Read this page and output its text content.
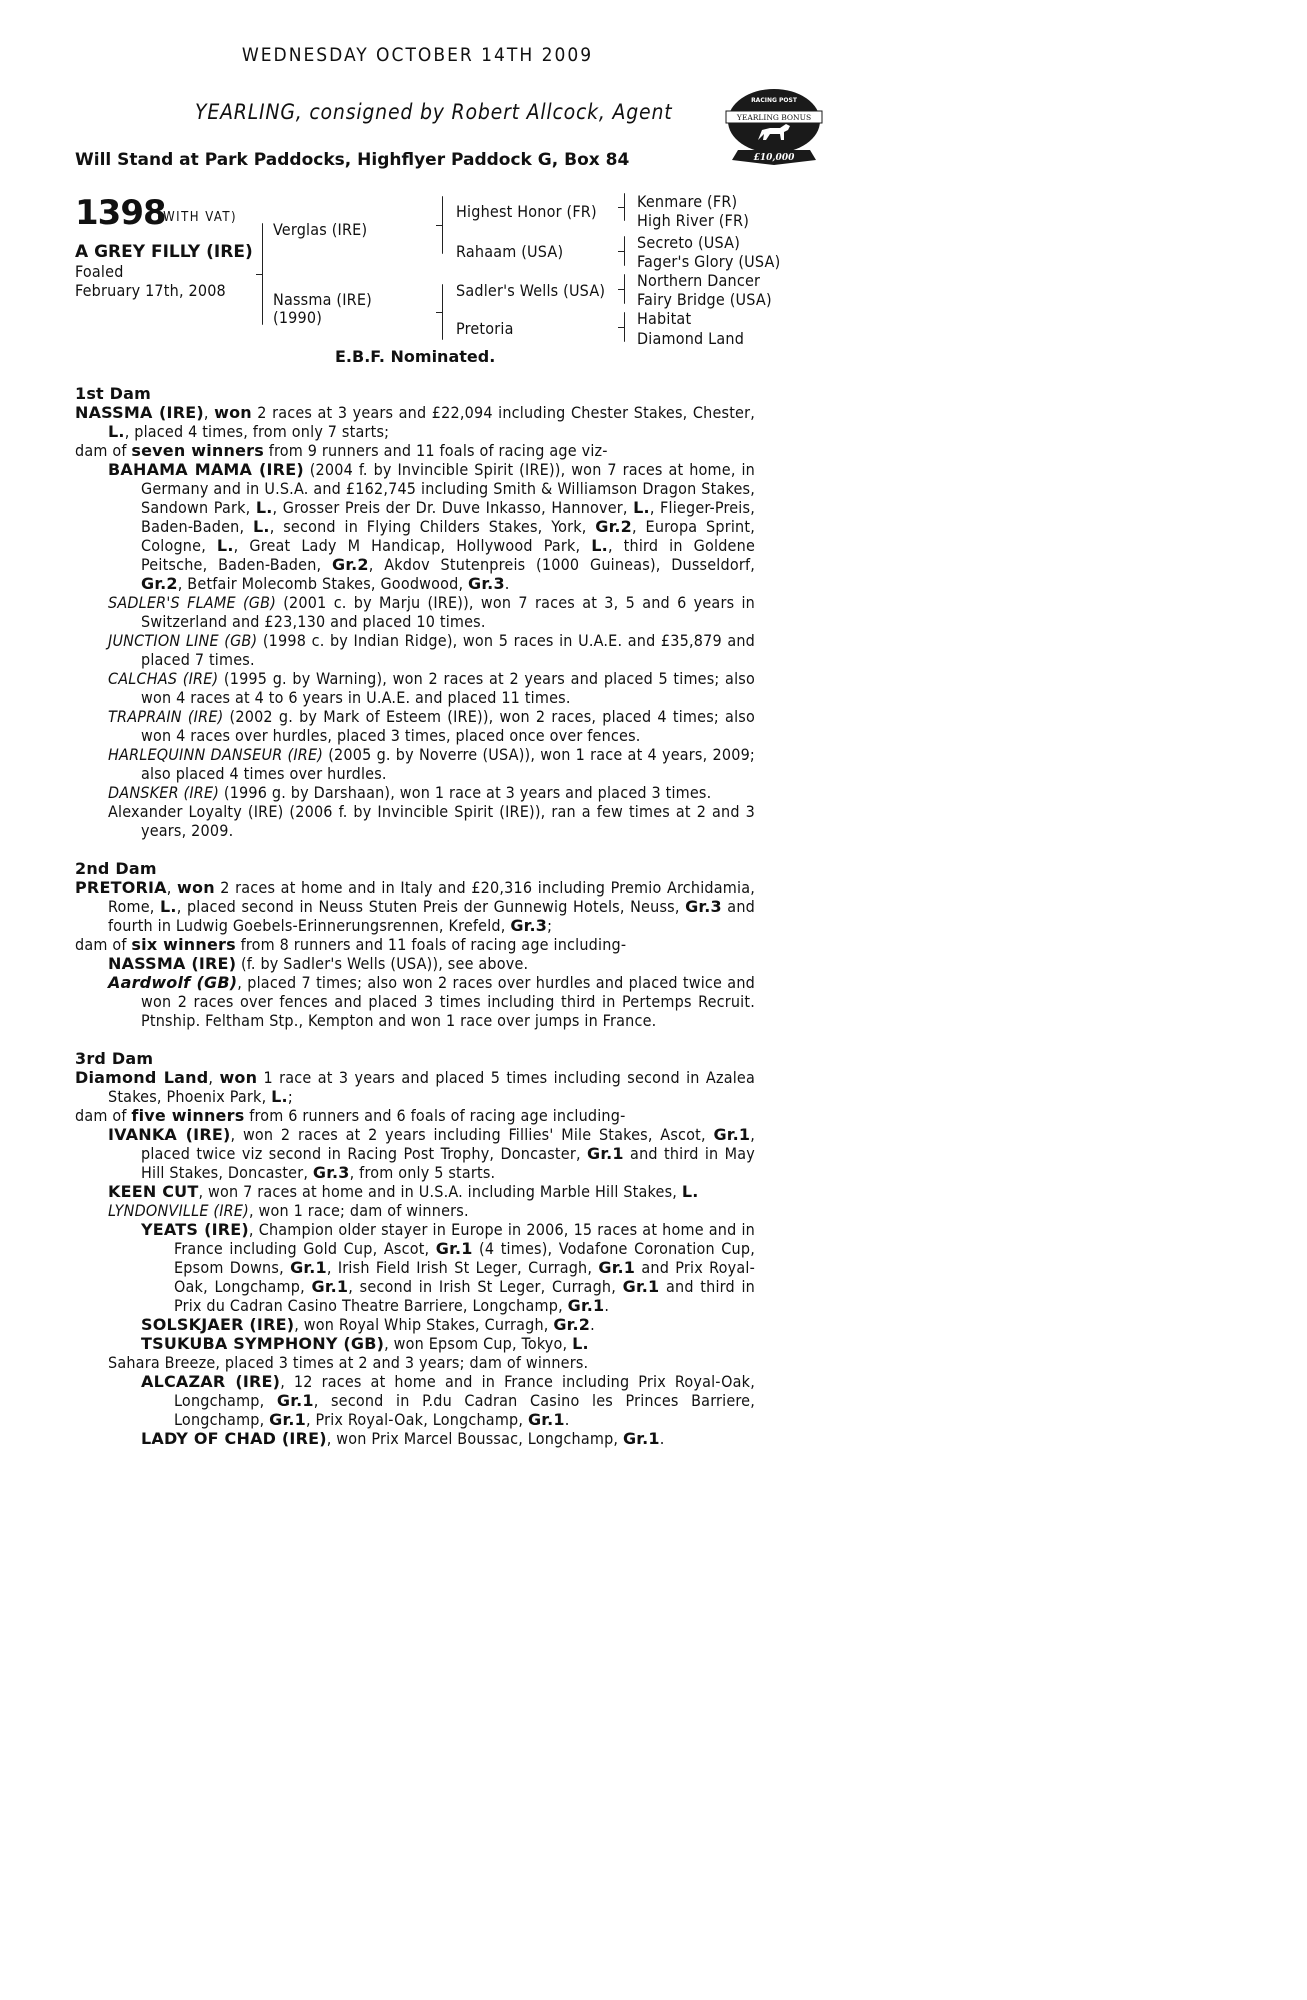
WEDNESDAY OCTOBER 14TH 2009
YEARLING, consigned by Robert Allcock, Agent
Will Stand at Park Paddocks, Highflyer Paddock G, Box 84
RACING POST
YEARLING BONUS
£10,000
1398
(WITH VAT)
A GREY FILLY (IRE)
Foaled
February 17th, 2008
Verglas (IRE)
Nassma (IRE)
(1990)
Highest Honor (FR)
Rahaam (USA)
Sadler's Wells (USA)
Pretoria
Kenmare (FR)
High River (FR)
Secreto (USA)
Fager's Glory (USA)
Northern Dancer
Fairy Bridge (USA)
Habitat
Diamond Land
E.B.F. Nominated.

1st Dam

NASSMA (IRE), won 2 races at 3 years and £22,094 including Chester Stakes, Chester, L., placed 4 times, from only 7 starts;

dam of seven winners from 9 runners and 11 foals of racing age viz-

BAHAMA MAMA (IRE) (2004 f. by Invincible Spirit (IRE)), won 7 races at home, in Germany and in U.S.A. and £162,745 including Smith & Williamson Dragon Stakes, Sandown Park, L., Grosser Preis der Dr. Duve Inkasso, Hannover, L., Flieger-Preis, Baden-Baden, L., second in Flying Childers Stakes, York, Gr.2, Europa Sprint, Cologne, L., Great Lady M Handicap, Hollywood Park, L., third in Goldene Peitsche, Baden-Baden, Gr.2, Akdov Stutenpreis (1000 Guineas), Dusseldorf, Gr.2, Betfair Molecomb Stakes, Goodwood, Gr.3.

SADLER'S FLAME (GB) (2001 c. by Marju (IRE)), won 7 races at 3, 5 and 6 years in Switzerland and £23,130 and placed 10 times.

JUNCTION LINE (GB) (1998 c. by Indian Ridge), won 5 races in U.A.E. and £35,879 and placed 7 times.

CALCHAS (IRE) (1995 g. by Warning), won 2 races at 2 years and placed 5 times; also won 4 races at 4 to 6 years in U.A.E. and placed 11 times.

TRAPRAIN (IRE) (2002 g. by Mark of Esteem (IRE)), won 2 races, placed 4 times; also won 4 races over hurdles, placed 3 times, placed once over fences.

HARLEQUINN DANSEUR (IRE) (2005 g. by Noverre (USA)), won 1 race at 4 years, 2009; also placed 4 times over hurdles.

DANSKER (IRE) (1996 g. by Darshaan), won 1 race at 3 years and placed 3 times.

Alexander Loyalty (IRE) (2006 f. by Invincible Spirit (IRE)), ran a few times at 2 and 3 years, 2009.

2nd Dam

PRETORIA, won 2 races at home and in Italy and £20,316 including Premio Archidamia, Rome, L., placed second in Neuss Stuten Preis der Gunnewig Hotels, Neuss, Gr.3 and fourth in Ludwig Goebels-Erinnerungsrennen, Krefeld, Gr.3;

dam of six winners from 8 runners and 11 foals of racing age including-

NASSMA (IRE) (f. by Sadler's Wells (USA)), see above.

Aardwolf (GB), placed 7 times; also won 2 races over hurdles and placed twice and won 2 races over fences and placed 3 times including third in Pertemps Recruit. Ptnship. Feltham Stp., Kempton and won 1 race over jumps in France.

3rd Dam

Diamond Land, won 1 race at 3 years and placed 5 times including second in Azalea Stakes, Phoenix Park, L.;

dam of five winners from 6 runners and 6 foals of racing age including-

IVANKA (IRE), won 2 races at 2 years including Fillies' Mile Stakes, Ascot, Gr.1, placed twice viz second in Racing Post Trophy, Doncaster, Gr.1 and third in May Hill Stakes, Doncaster, Gr.3, from only 5 starts.

KEEN CUT, won 7 races at home and in U.S.A. including Marble Hill Stakes, L.

LYNDONVILLE (IRE), won 1 race; dam of winners.

YEATS (IRE), Champion older stayer in Europe in 2006, 15 races at home and in France including Gold Cup, Ascot, Gr.1 (4 times), Vodafone Coronation Cup, Epsom Downs, Gr.1, Irish Field Irish St Leger, Curragh, Gr.1 and Prix Royal-Oak, Longchamp, Gr.1, second in Irish St Leger, Curragh, Gr.1 and third in Prix du Cadran Casino Theatre Barriere, Longchamp, Gr.1.

SOLSKJAER (IRE), won Royal Whip Stakes, Curragh, Gr.2.

TSUKUBA SYMPHONY (GB), won Epsom Cup, Tokyo, L.

Sahara Breeze, placed 3 times at 2 and 3 years; dam of winners.

ALCAZAR (IRE), 12 races at home and in France including Prix Royal-Oak, Longchamp, Gr.1, second in P.du Cadran Casino les Princes Barriere, Longchamp, Gr.1, Prix Royal-Oak, Longchamp, Gr.1.

LADY OF CHAD (IRE), won Prix Marcel Boussac, Longchamp, Gr.1.
